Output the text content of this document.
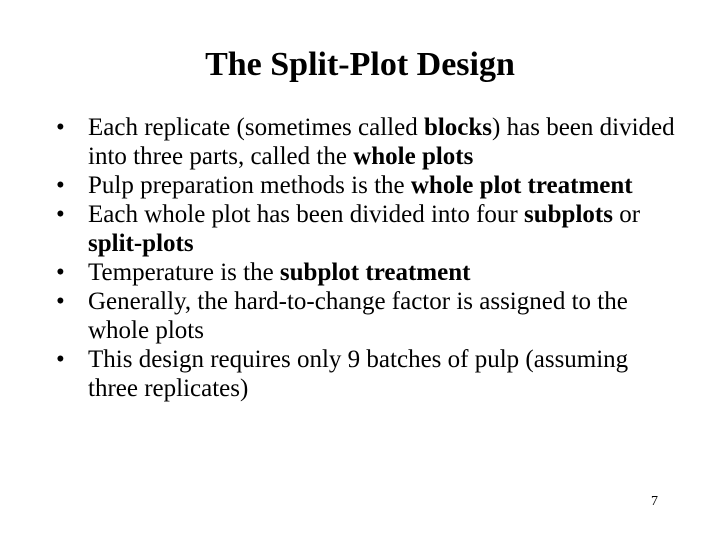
The Split-Plot Design
• Each replicate (sometimes called blocks) has been divided into three parts, called the whole plots
• Pulp preparation methods is the whole plot treatment
• Each whole plot has been divided into four subplots or split-plots
• Temperature is the subplot treatment
• Generally, the hard-to-change factor is assigned to the whole plots
• This design requires only 9 batches of pulp (assuming three replicates)
7
